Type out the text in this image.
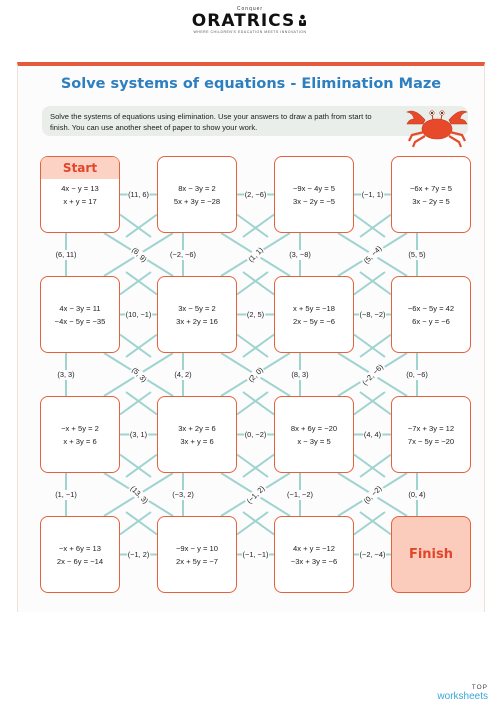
Conquer
ORATRICS
WHERE CHILDREN'S EDUCATION MEETS INNOVATION
Solve systems of equations - Elimination Maze

Solve the systems of equations using elimination. Use your answers to draw a path from start to finish. You can use another sheet of paper to show your work.

(11, 6)	(2, −6)	(−1, 1)
(10, −1)	(2, 5)	(−8, −2)
(3, 1)	(0, −2)	(4, 4)
(−1, 2)	(−1, −1)	(−2, −4)
(6, 11)	(−2, −6)	(3, −8)	(5, 5)
(3, 3)	(4, 2)	(8, 3)	(0, −6)
(1, −1)	(−3, 2)	(−1, −2)	(0, 4)
(6, 9)	(1, 1)	(5, −4)
(5, 3)	(2, 0)	(−2, −6)
(13, 3)	(−1, 2)	(0, −2)
Start
4x − y = 13
x + y = 17
8x − 3y = 2
5x + 3y = −28
−9x − 4y = 5
3x − 2y = −5
−6x + 7y = 5
3x − 2y = 5
4x − 3y = 11
−4x − 5y = −35
3x − 5y = 2
3x + 2y = 16
x + 5y = −18
2x − 5y = −6
−6x − 5y = 42
6x − y = −6
−x + 5y = 2
x + 3y = 6
3x + 2y = 6
3x + y = 6
8x + 6y = −20
x − 3y = 5
−7x + 3y = 12
7x − 5y = −20
−x + 6y = 13
2x − 6y = −14
−9x − y = 10
2x + 5y = −7
4x + y = −12
−3x + 3y = −6	Finish
TOP
worksheets
